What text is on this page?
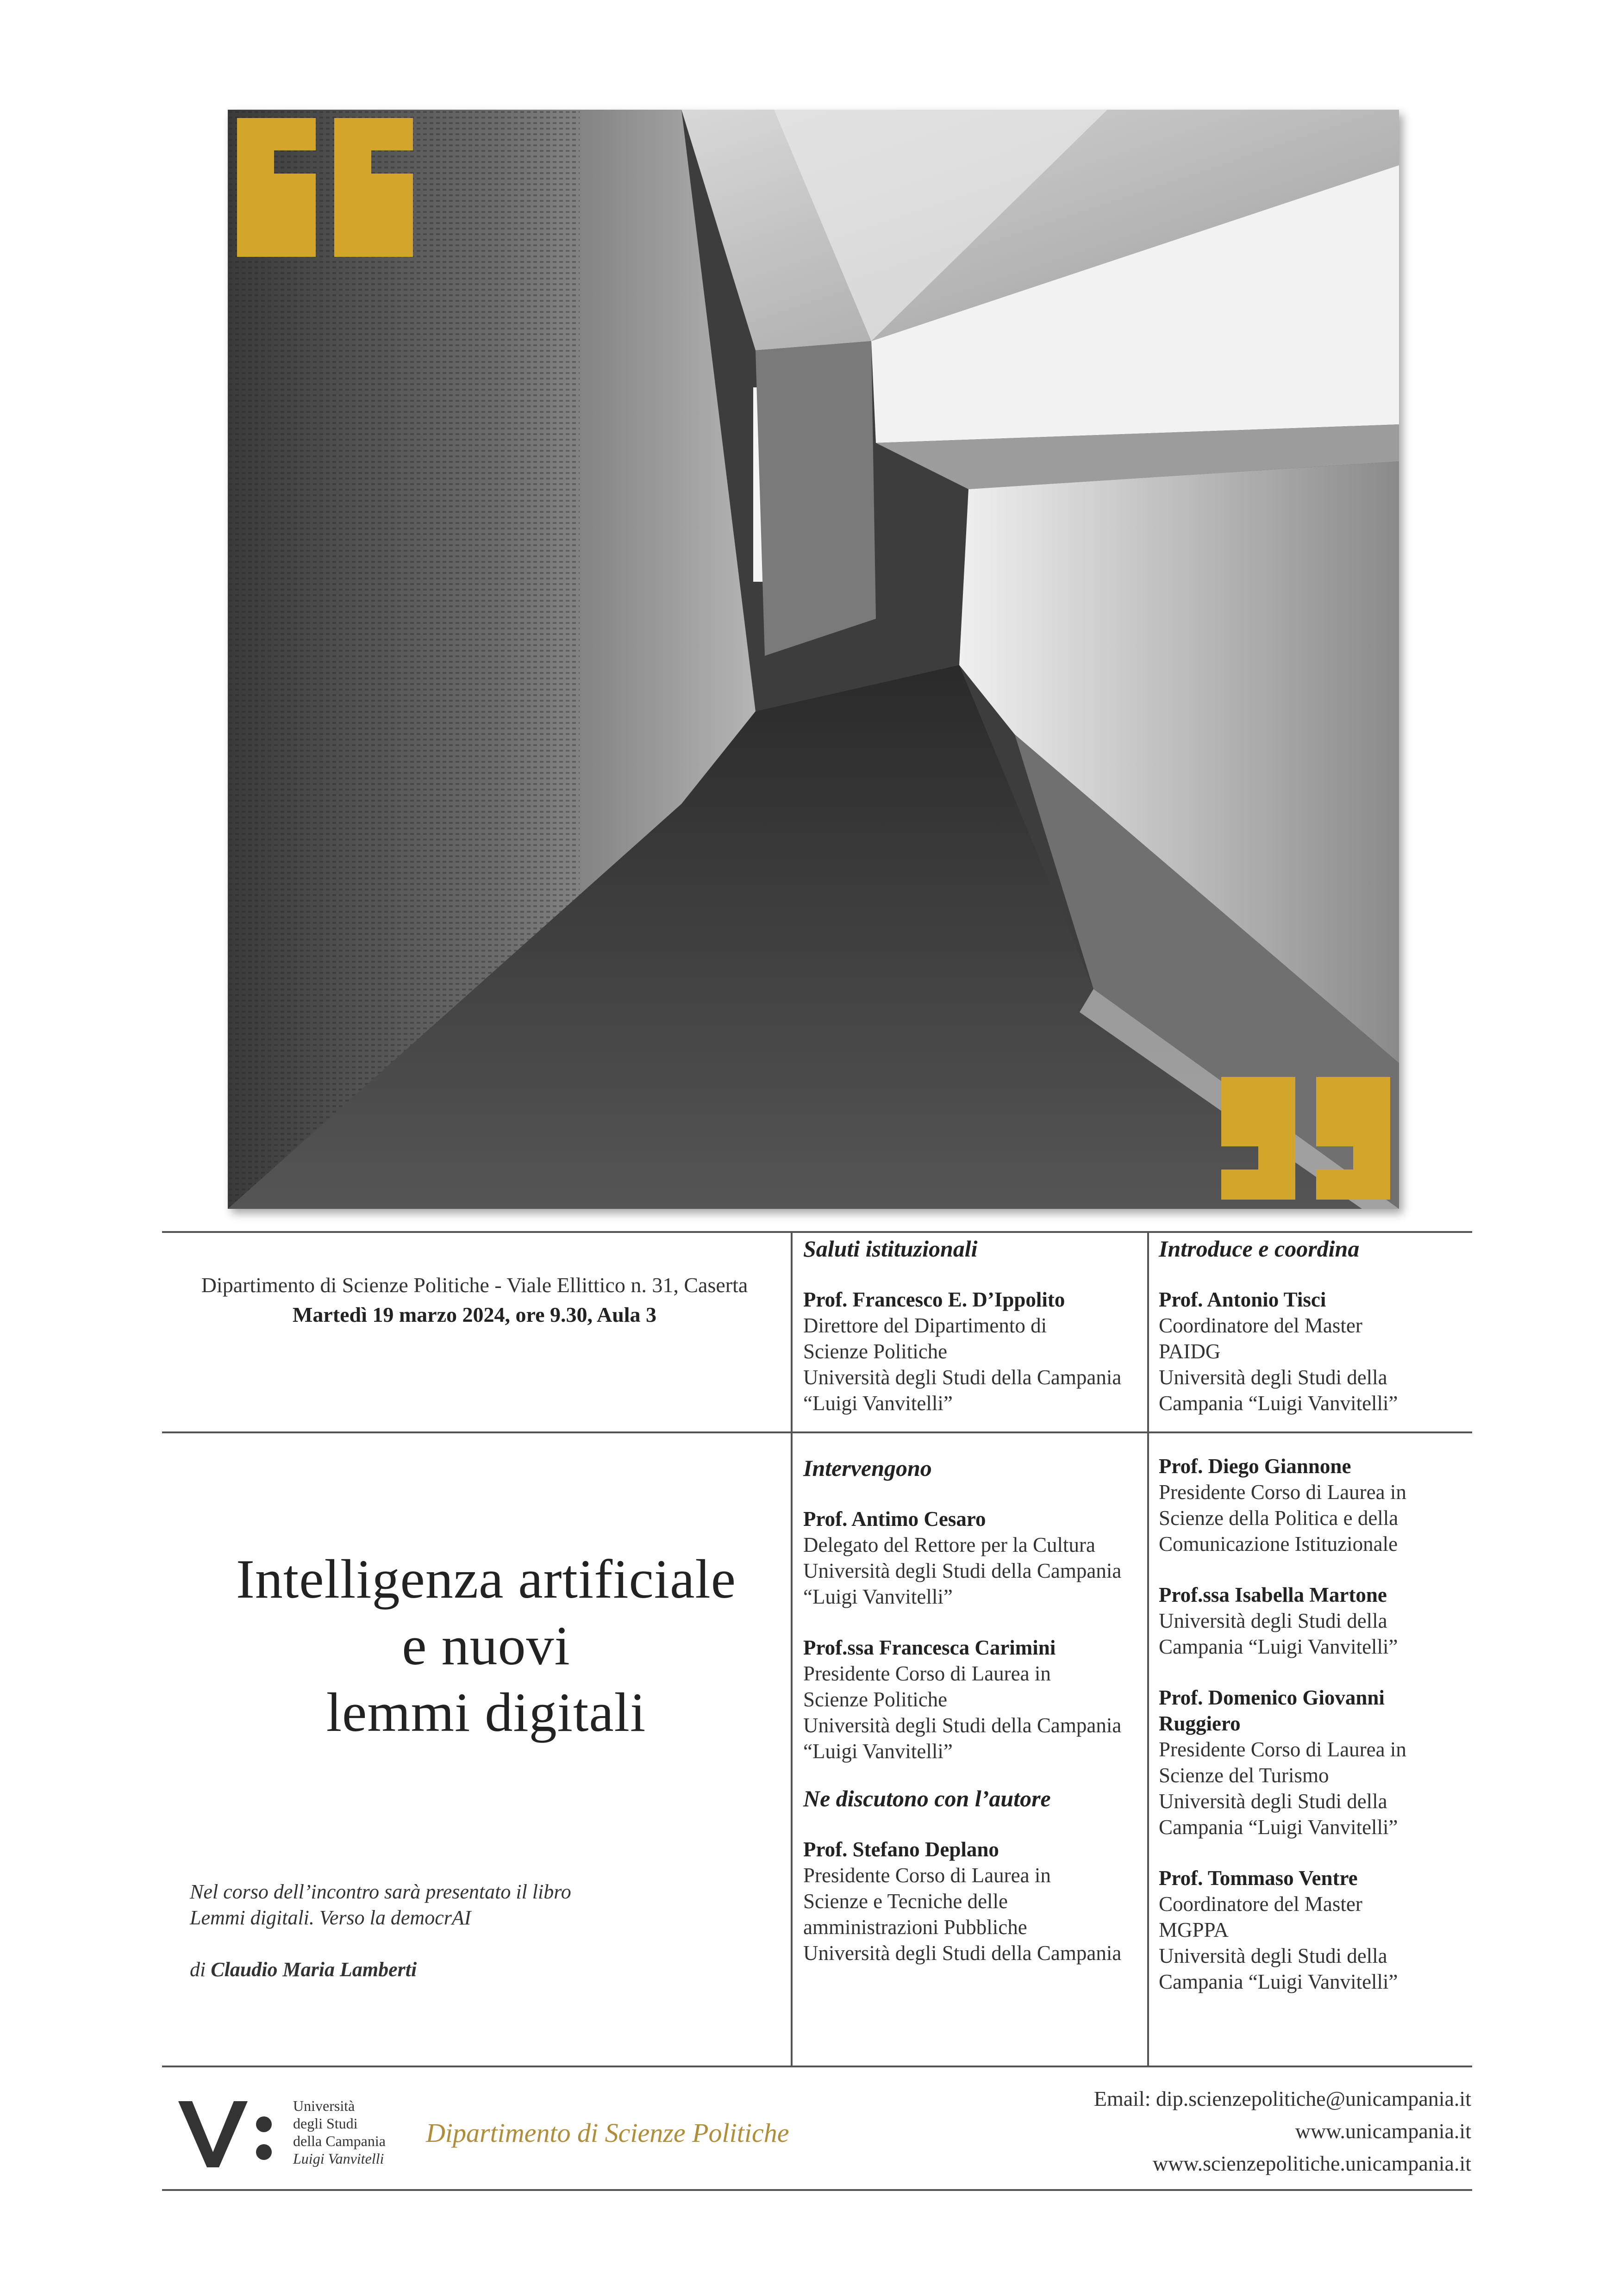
Dipartimento di Scienze Politiche - Viale Ellittico n. 31, Caserta
Martedì 19 marzo 2024, ore 9.30, Aula 3
Saluti istituzionali
Prof. Francesco E. D’Ippolito
Direttore del Dipartimento di
Scienze Politiche
Università degli Studi della Campania
“Luigi Vanvitelli”
Introduce e coordina
Prof. Antonio Tisci
Coordinatore del Master
PAIDG
Università degli Studi della
Campania “Luigi Vanvitelli”
Intervengono
Prof. Antimo Cesaro
Delegato del Rettore per la Cultura
Università degli Studi della Campania
“Luigi Vanvitelli”
Prof.ssa Francesca Carimini
Presidente Corso di Laurea in
Scienze Politiche
Università degli Studi della Campania
“Luigi Vanvitelli”
Ne discutono con l’autore
Prof. Stefano Deplano
Presidente Corso di Laurea in
Scienze e Tecniche delle
amministrazioni Pubbliche
Università degli Studi della Campania
Prof. Diego Giannone
Presidente Corso di Laurea in
Scienze della Politica e della
Comunicazione Istituzionale
Prof.ssa Isabella Martone
Università degli Studi della
Campania “Luigi Vanvitelli”
Prof. Domenico Giovanni
Ruggiero
Presidente Corso di Laurea in
Scienze del Turismo
Università degli Studi della
Campania “Luigi Vanvitelli”
Prof. Tommaso Ventre
Coordinatore del Master
MGPPA
Università degli Studi della
Campania “Luigi Vanvitelli”
Intelligenza artificiale
e nuovi
lemmi digitali
Nel corso dell’incontro sarà presentato il libro
Lemmi digitali. Verso la democrAI
di Claudio Maria Lamberti
Università
degli Studi
della Campania
Luigi Vanvitelli
Dipartimento di Scienze Politiche
Email: dip.scienzepolitiche@unicampania.it
www.unicampania.it
www.scienzepolitiche.unicampania.it
